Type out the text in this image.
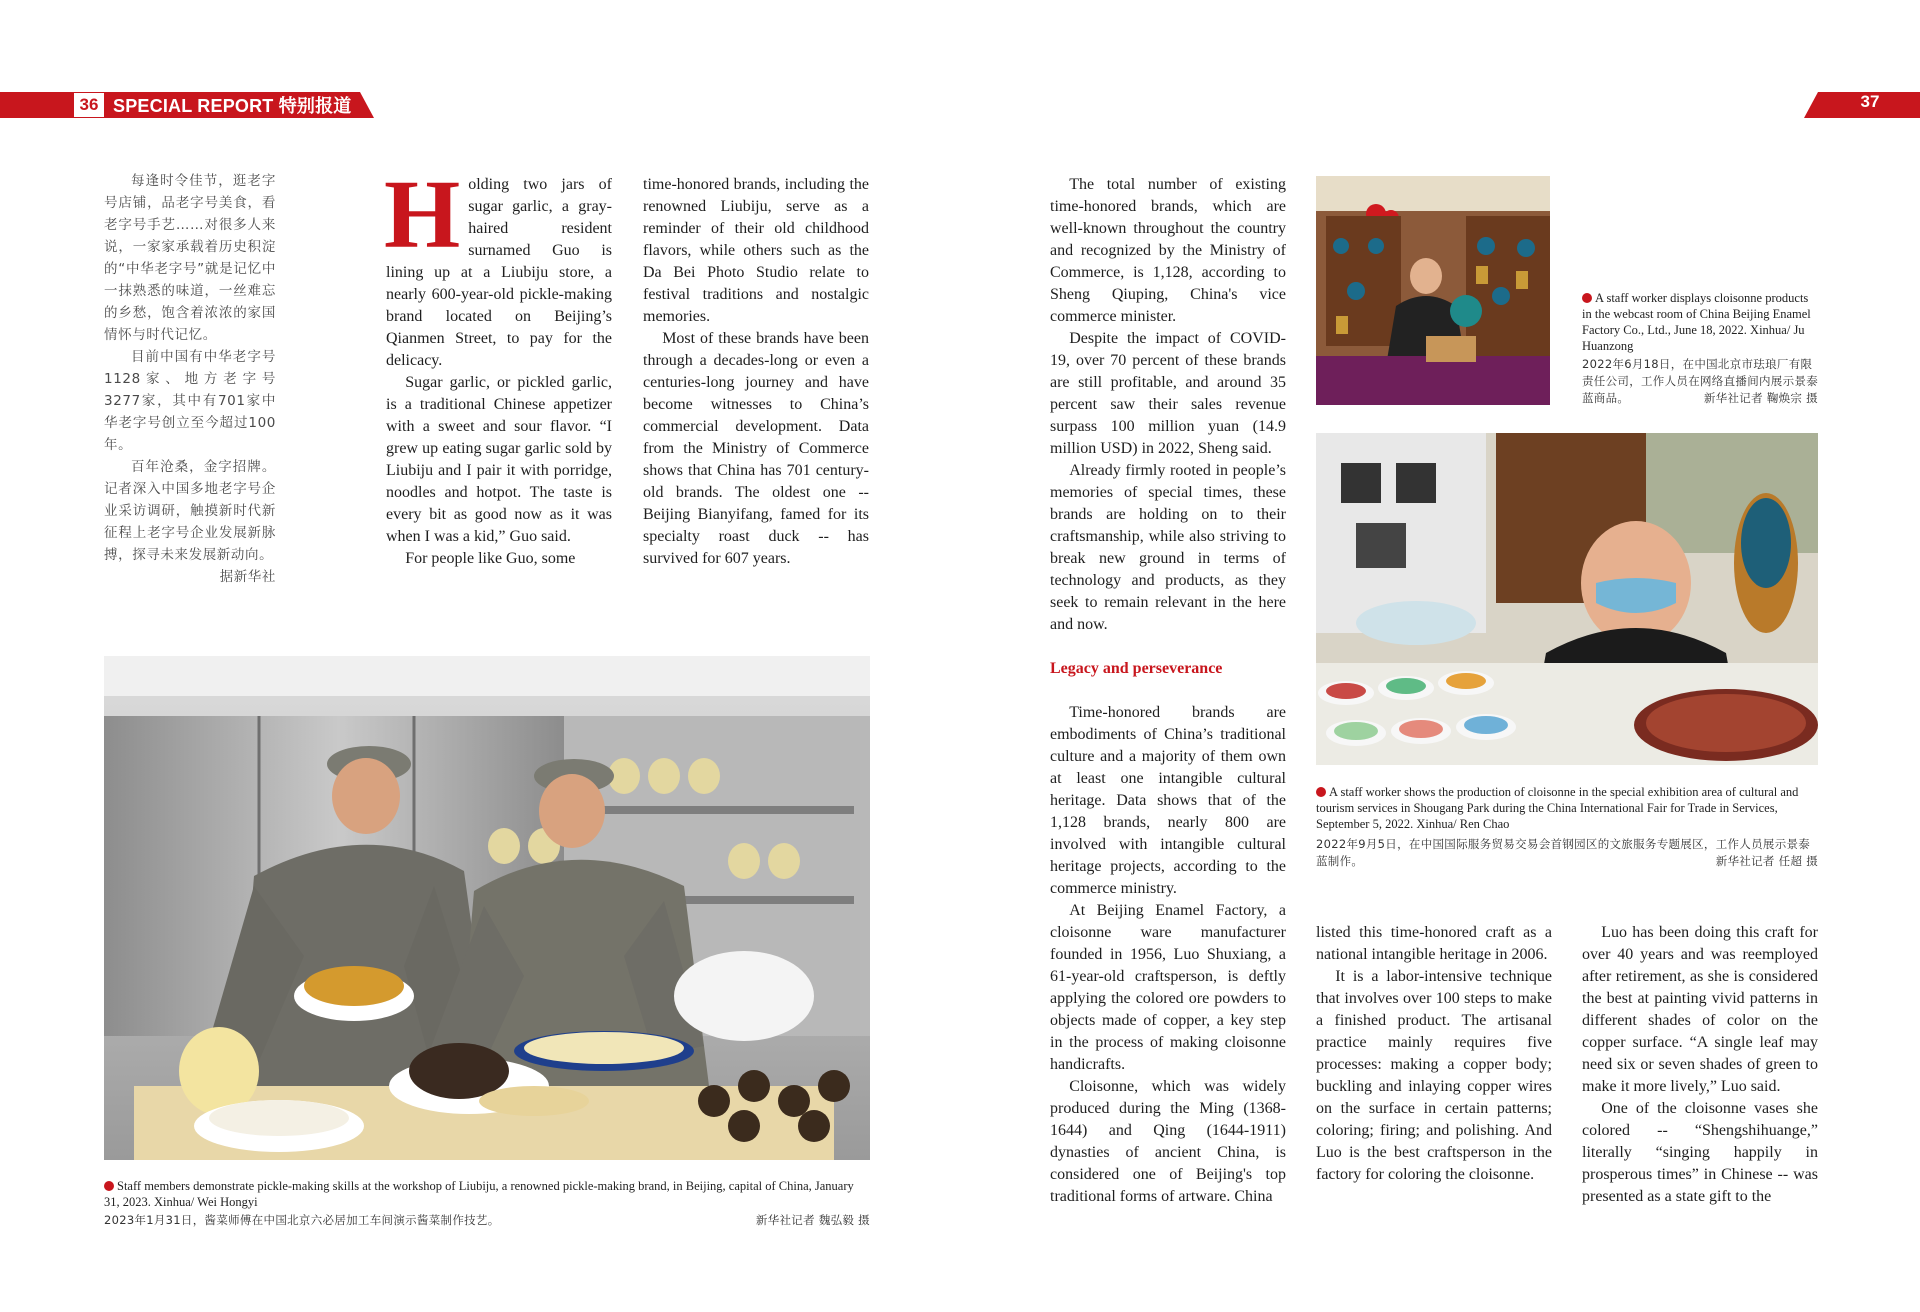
36 SPECIAL REPORT 特别报道	37

每逢时令佳节，逛老字号店铺，品老字号美食，看老字号手艺……对很多人来说，一家家承载着历史积淀的“中华老字号”就是记忆中一抹熟悉的味道，一丝难忘的乡愁，饱含着浓浓的家国情怀与时代记忆。

目前中国有中华老字号1128家、地方老字号3277家，其中有701家中华老字号创立至今超过100年。

百年沧桑，金字招牌。记者深入中国多地老字号企业采访调研，触摸新时代新征程上老字号企业发展新脉搏，探寻未来发展新动向。

据新华社

Holding two jars of sugar garlic, a gray-haired resident surnamed Guo is lining up at a Liubiju store, a nearly 600-year-old pickle-making brand located on Beijing’s Qianmen Street, to pay for the delicacy.

Sugar garlic, or pickled garlic, is a traditional Chinese appetizer with a sweet and sour flavor. “I grew up eating sugar garlic sold by Liubiju and I pair it with porridge, noodles and hotpot. The taste is every bit as good now as it was when I was a kid,” Guo said.

For people like Guo, some

time-honored brands, including the renowned Liubiju, serve as a reminder of their old childhood flavors, while others such as the Da Bei Photo Studio relate to festival traditions and nostalgic memories.

Most of these brands have been through a decades-long or even a centuries-long journey and have become witnesses to China’s commercial development. Data from the Ministry of Commerce shows that China has 701 century-old brands. The oldest one -- Beijing Bianyifang, famed for its specialty roast duck -- has survived for 607 years.

Staff members demonstrate pickle-making skills at the workshop of Liubiju, a renowned pickle-making brand, in Beijing, capital of China, January 31, 2023. Xinhua/ Wei Hongyi
2023年1月31日，酱菜师傅在中国北京六必居加工车间演示酱菜制作技艺。	新华社记者 魏弘毅 摄

The total number of existing time-honored brands, which are well-known throughout the country and recognized by the Ministry of Commerce, is 1,128, according to Sheng Qiuping, China's vice commerce minister.

Despite the impact of COVID-19, over 70 percent of these brands are still profitable, and around 35 percent saw their sales revenue surpass 100 million yuan (14.9 million USD) in 2022, Sheng said.

Already firmly rooted in people’s memories of special times, these brands are holding on to their craftsmanship, while also striving to break new ground in terms of technology and products, as they seek to remain relevant in the here and now.

Legacy and perseverance

Time-honored brands are embodiments of China’s traditional culture and a majority of them own at least one intangible cultural heritage. Data shows that of the 1,128 brands, nearly 800 are involved with intangible cultural heritage projects, according to the commerce ministry.

At Beijing Enamel Factory, a cloisonne ware manufacturer founded in 1956, Luo Shuxiang, a 61-year-old craftsperson, is deftly applying the colored ore powders to objects made of copper, a key step in the process of making cloisonne handicrafts.

Cloisonne, which was widely produced during the Ming (1368-1644) and Qing (1644-1911) dynasties of ancient China, is considered one of Beijing's top traditional forms of artware. China

A staff worker displays cloisonne products in the webcast room of China Beijing Enamel Factory Co., Ltd., June 18, 2022. Xinhua/ Ju Huanzong
2022年6月18日，在中国北京市珐琅厂有限责任公司，工作人员在网络直播间内展示景泰蓝商品。	新华社记者 鞠焕宗 摄
A staff worker shows the production of cloisonne in the special exhibition area of cultural and tourism services in Shougang Park during the China International Fair for Trade in Services, September 5, 2022. Xinhua/ Ren Chao
2022年9月5日，在中国国际服务贸易交易会首钢园区的文旅服务专题展区，工作人员展示景泰蓝制作。	新华社记者 任超 摄

listed this time-honored craft as a national intangible heritage in 2006.

It is a labor-intensive technique that involves over 100 steps to make a finished product. The artisanal practice mainly requires five processes: making a copper body; buckling and inlaying copper wires on the surface in certain patterns; coloring; firing; and polishing. And Luo is the best craftsperson in the factory for coloring the cloisonne.

Luo has been doing this craft for over 40 years and was reemployed after retirement, as she is considered the best at painting vivid patterns in different shades of color on the copper surface. “A single leaf may need six or seven shades of green to make it more lively,” Luo said.

One of the cloisonne vases she colored -- “Shengshihuange,” literally “singing happily in prosperous times” in Chinese -- was presented as a state gift to the
